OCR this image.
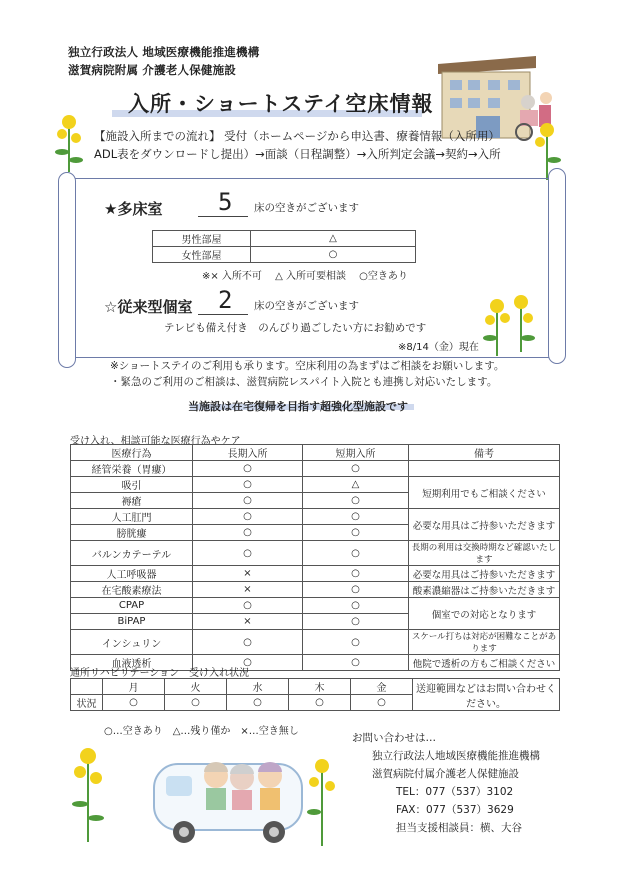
独立行政法人 地域医療機能推進機構
滋賀病院附属 介護老人保健施設
入所・ショートステイ空床情報
【施設入所までの流れ】 受付（ホームページから申込書、療養情報（入所用）
ADL表をダウンロードし提出）→面談（日程調整）→入所判定会議→契約→入所
★多床室 5 床の空きがございます
男性部屋	△
女性部屋	○
※× 入所不可　 △ 入所可要相談　 ○空きあり
☆従来型個室 2 床の空きがございます
テレビも備え付き　のんびり過ごしたい方にお勧めです
※8/14（金）現在
※ショートステイのご利用も承ります。空床利用の為まずはご相談をお願いします。
・緊急のご利用のご相談は、滋賀病院レスパイト入院とも連携し対応いたします。
当施設は在宅復帰を目指す超強化型施設です
受け入れ、相談可能な医療行為やケア
医療行為	長期入所	短期入所	備考
経管栄養（胃瘻）	○	○	
吸引	○	△	短期利用でもご相談ください
褥瘡	○	○	
人工肛門	○	○	必要な用具はご持参いただきます
膀胱瘻	○	○	
バルンカテーテル	○	○	長期の利用は交換時期など確認いたします
人工呼吸器	×	○	必要な用具はご持参いただきます
在宅酸素療法	×	○	酸素濃縮器はご持参いただきます
CPAP	○	○	個室での対応となります
BiPAP	×	○	
インシュリン	○	○	スケール打ちは対応が困難なことがあります
血液透析	○	○	他院で透析の方もご相談ください
通所リハビリテーション　受け入れ状況
	月	火	水	木	金	送迎範囲などはお問い合わせください。
状況	○	○	○	○	○	
○…空きあり　△…残り僅か　×…空き無し
お問い合わせは…
独立行政法人地域医療機能推進機構
滋賀病院付属介護老人保健施設
TEL：077（537）3102
FAX：077（537）3629
担当支援相談員：横、大谷
